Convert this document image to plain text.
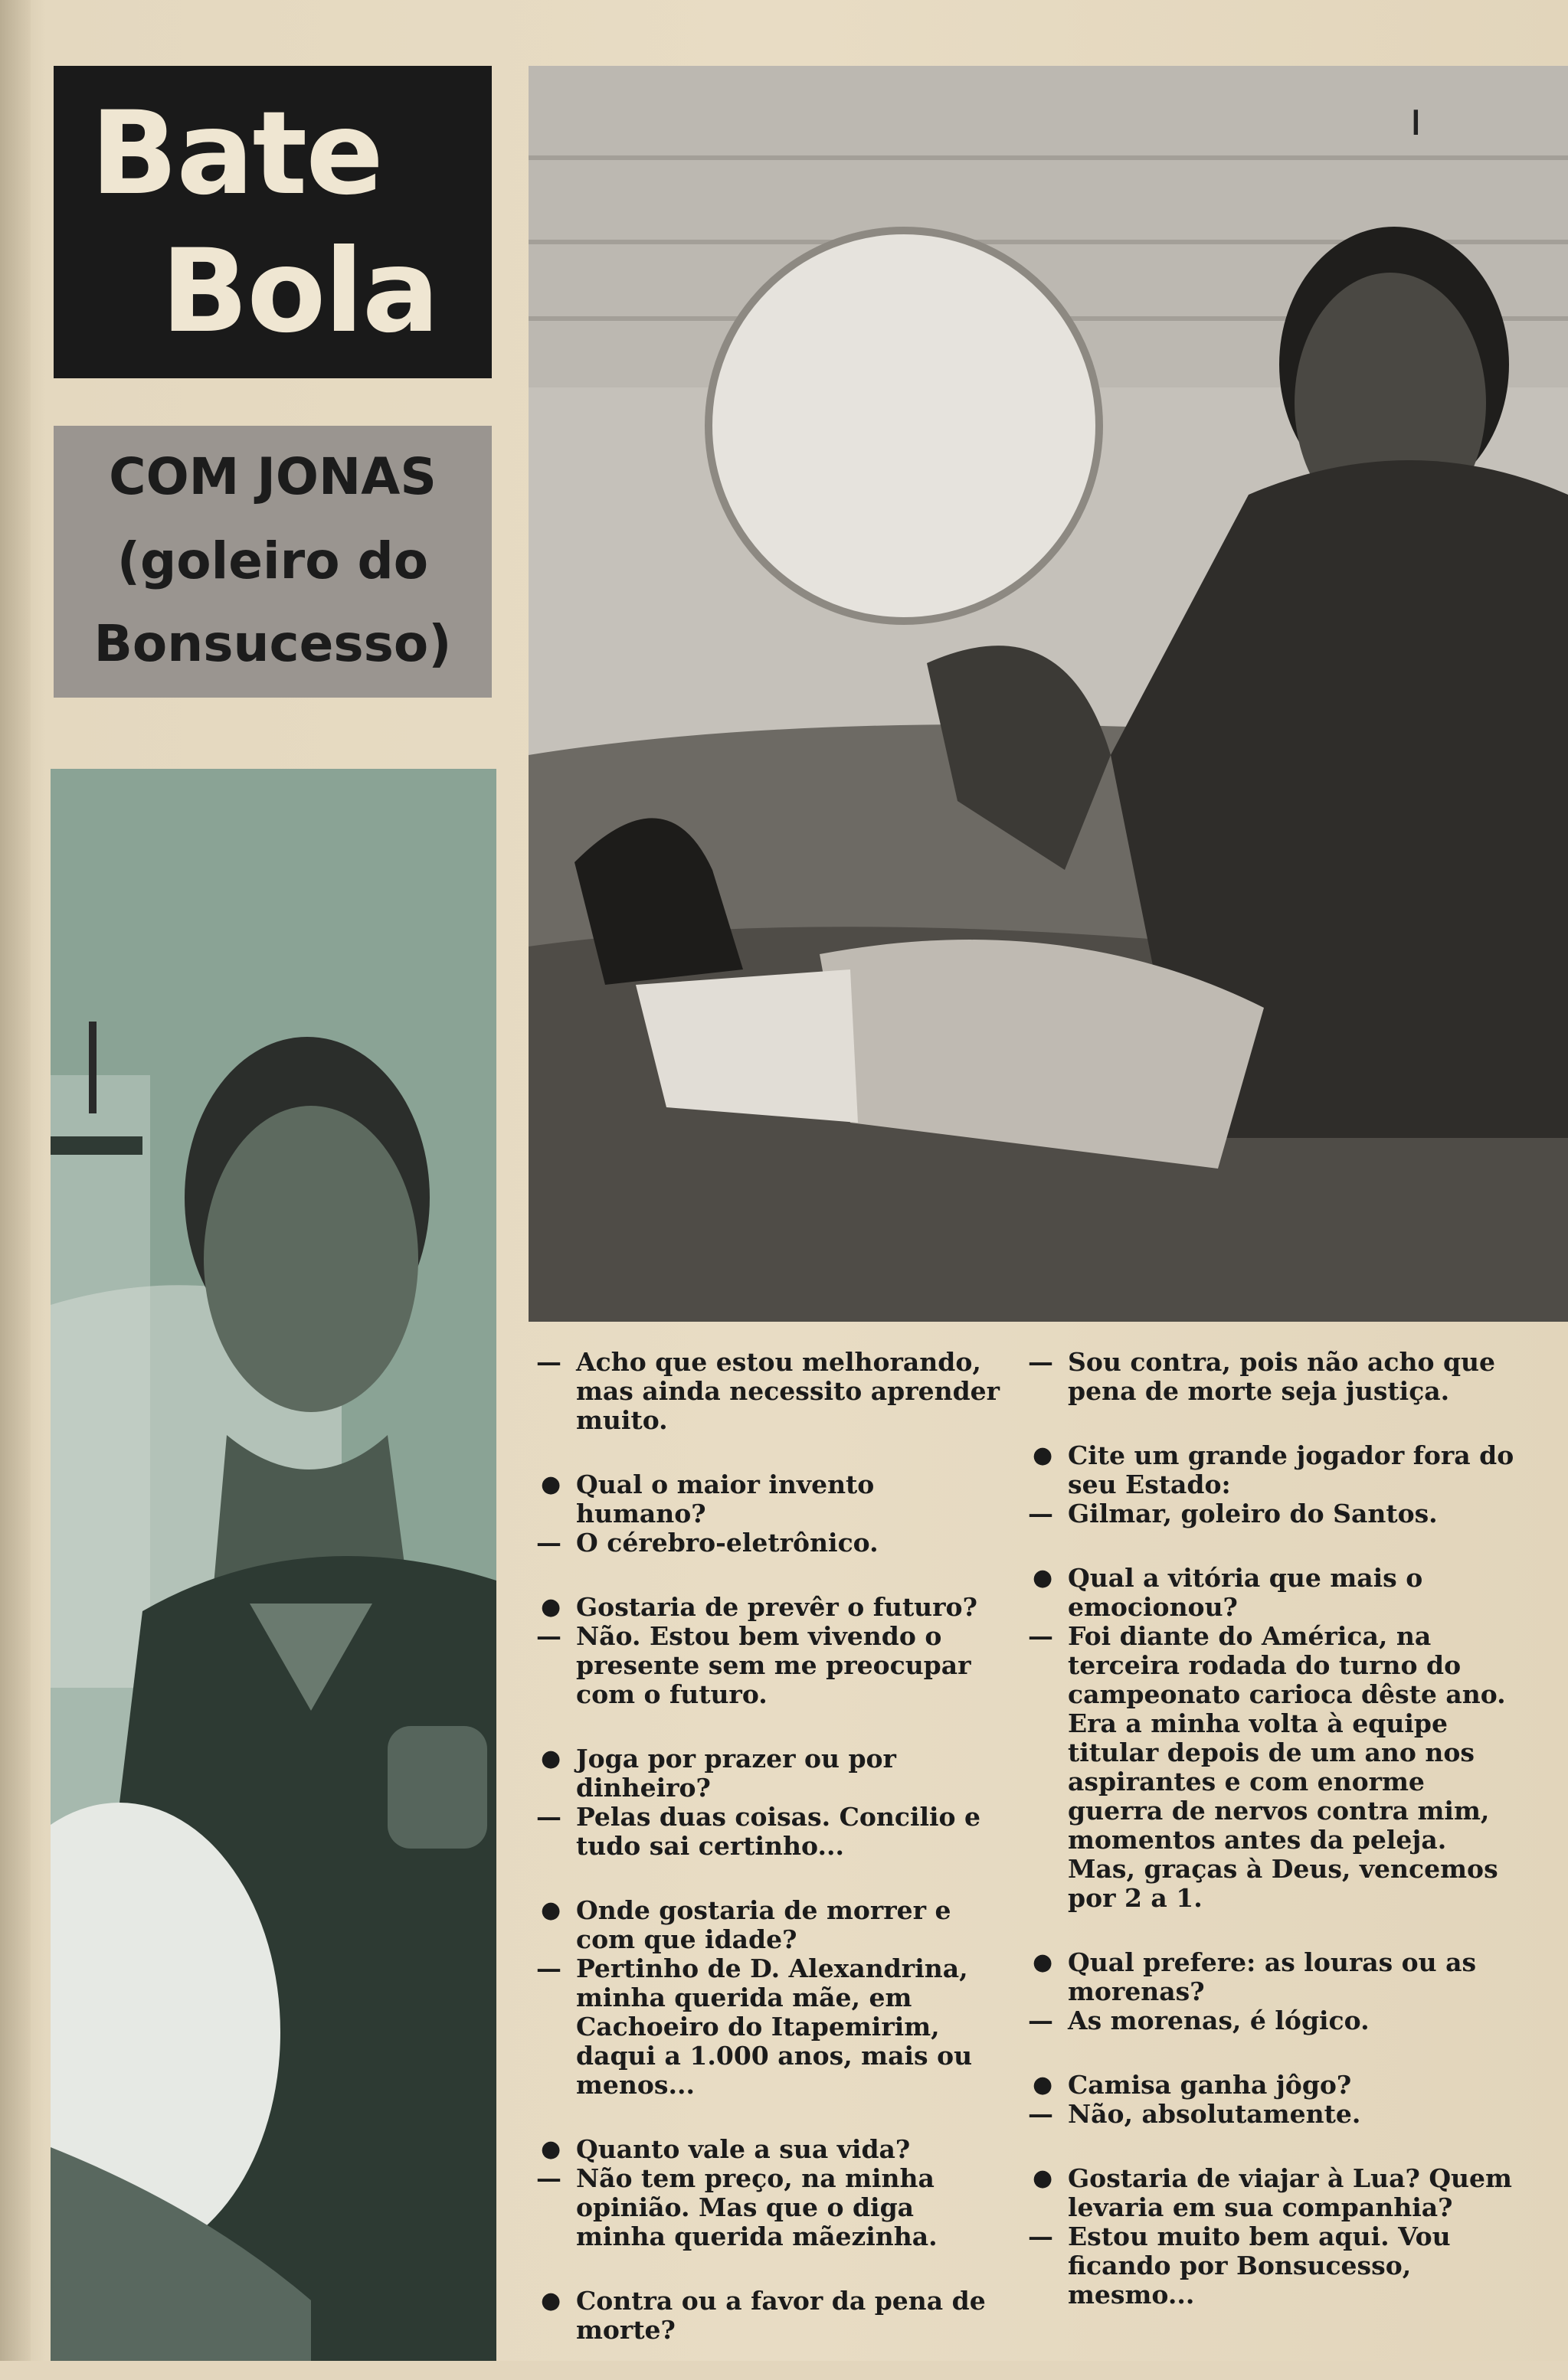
Bate
Bola
COM JONAS
(goleiro do
Bonsucesso)
ı
— Acho que estou melhorando, mas ainda necessito aprender muito.
● Qual o maior invento humano?
— O cérebro-eletrônico.
● Gostaria de prevêr o futuro?
— Não. Estou bem vivendo o presente sem me preocupar com o futuro.
● Joga por prazer ou por dinheiro?
— Pelas duas coisas. Concilio e tudo sai certinho...
● Onde gostaria de morrer e com que idade?
— Pertinho de D. Alexandrina, minha querida mãe, em Cachoeiro do Itapemirim, daqui a 1.000 anos, mais ou menos...
● Quanto vale a sua vida?
— Não tem preço, na minha opinião. Mas que o diga minha querida mãezinha.
● Contra ou a favor da pena de morte?
— Sou contra, pois não acho que pena de morte seja justiça.
● Cite um grande jogador fora do seu Estado:
— Gilmar, goleiro do Santos.
● Qual a vitória que mais o emocionou?
— Foi diante do América, na terceira rodada do turno do campeonato carioca dêste ano. Era a minha volta à equipe titular depois de um ano nos aspirantes e com enorme guerra de nervos contra mim, momentos antes da peleja. Mas, graças à Deus, vencemos por 2 a 1.
● Qual prefere: as louras ou as morenas?
— As morenas, é lógico.
● Camisa ganha jôgo?
— Não, absolutamente.
● Gostaria de viajar à Lua? Quem levaria em sua companhia?
— Estou muito bem aqui. Vou ficando por Bonsucesso, mesmo...
